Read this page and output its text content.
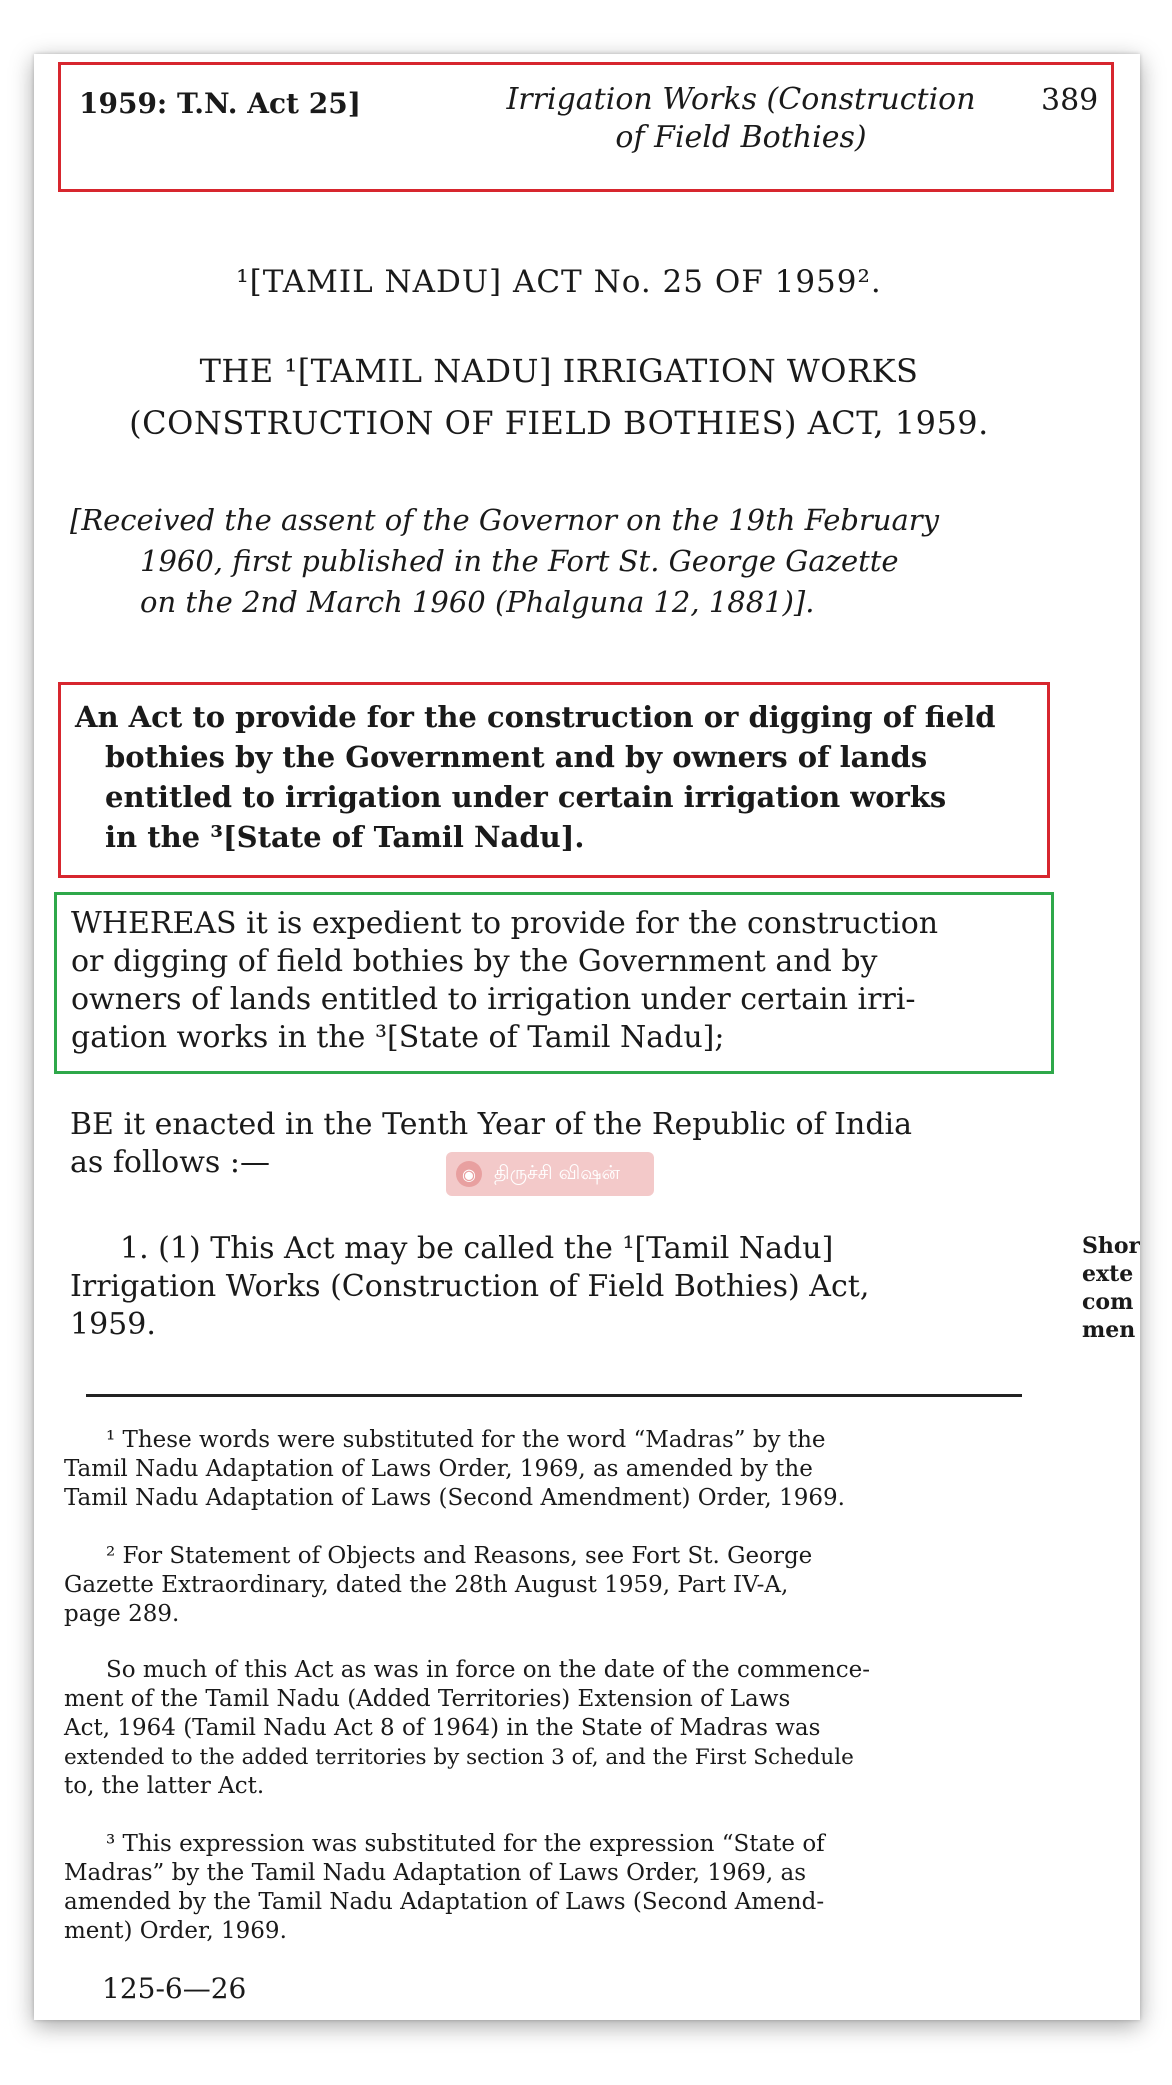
1959: T.N. Act 25]	Irrigation Works (Construction
of Field Bothies)
389
¹[TAMIL NADU] ACT No. 25 OF 1959².
THE ¹[TAMIL NADU] IRRIGATION WORKS
(CONSTRUCTION OF FIELD BOTHIES) ACT, 1959.
[Received the assent of the Governor on the 19th February
1960, first published in the Fort St. George Gazette
on the 2nd March 1960 (Phalguna 12, 1881)].
An Act to provide for the construction or digging of field
bothies by the Government and by owners of lands
entitled to irrigation under certain irrigation works
in the ³[State of Tamil Nadu].
WHEREAS it is expedient to provide for the construction
or digging of field bothies by the Government and by
owners of lands entitled to irrigation under certain irri-
gation works in the ³[State of Tamil Nadu];
BE it enacted in the Tenth Year of the Republic of India
as follows :—	◉ திருச்சி விஷன்
1. (1) This Act may be called the ¹[Tamil Nadu]
Irrigation Works (Construction of Field Bothies) Act,
1959.
Shor
exte
com
men
¹ These words were substituted for the word “Madras” by the
Tamil Nadu Adaptation of Laws Order, 1969, as amended by the
Tamil Nadu Adaptation of Laws (Second Amendment) Order, 1969.
² For Statement of Objects and Reasons, see Fort St. George
Gazette Extraordinary, dated the 28th August 1959, Part IV-A,
page 289.
So much of this Act as was in force on the date of the commence-
ment of the Tamil Nadu (Added Territories) Extension of Laws
Act, 1964 (Tamil Nadu Act 8 of 1964) in the State of Madras was
extended to the added territories by section 3 of, and the First Schedule
to, the latter Act.
³ This expression was substituted for the expression “State of
Madras” by the Tamil Nadu Adaptation of Laws Order, 1969, as
amended by the Tamil Nadu Adaptation of Laws (Second Amend-
ment) Order, 1969.
125-6—26
